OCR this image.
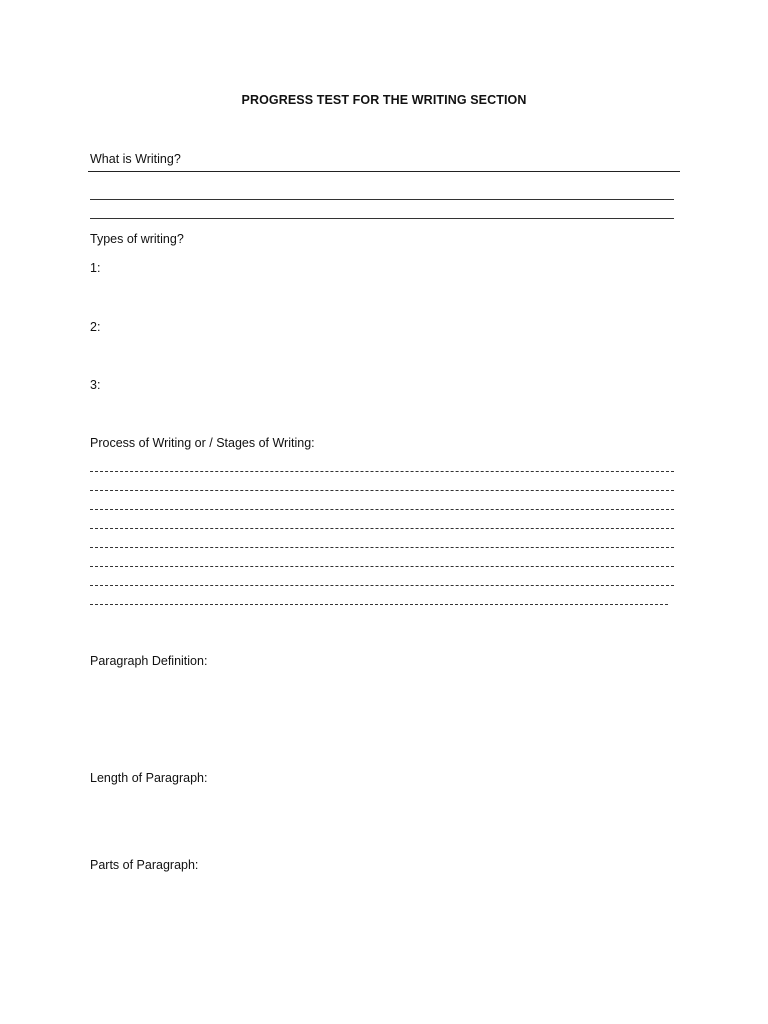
PROGRESS TEST FOR THE WRITING SECTION
What is Writing?
Types of writing?
1:
2:
3:
Process of Writing or / Stages of Writing:
Paragraph Definition:
Length of Paragraph:
Parts of Paragraph:
